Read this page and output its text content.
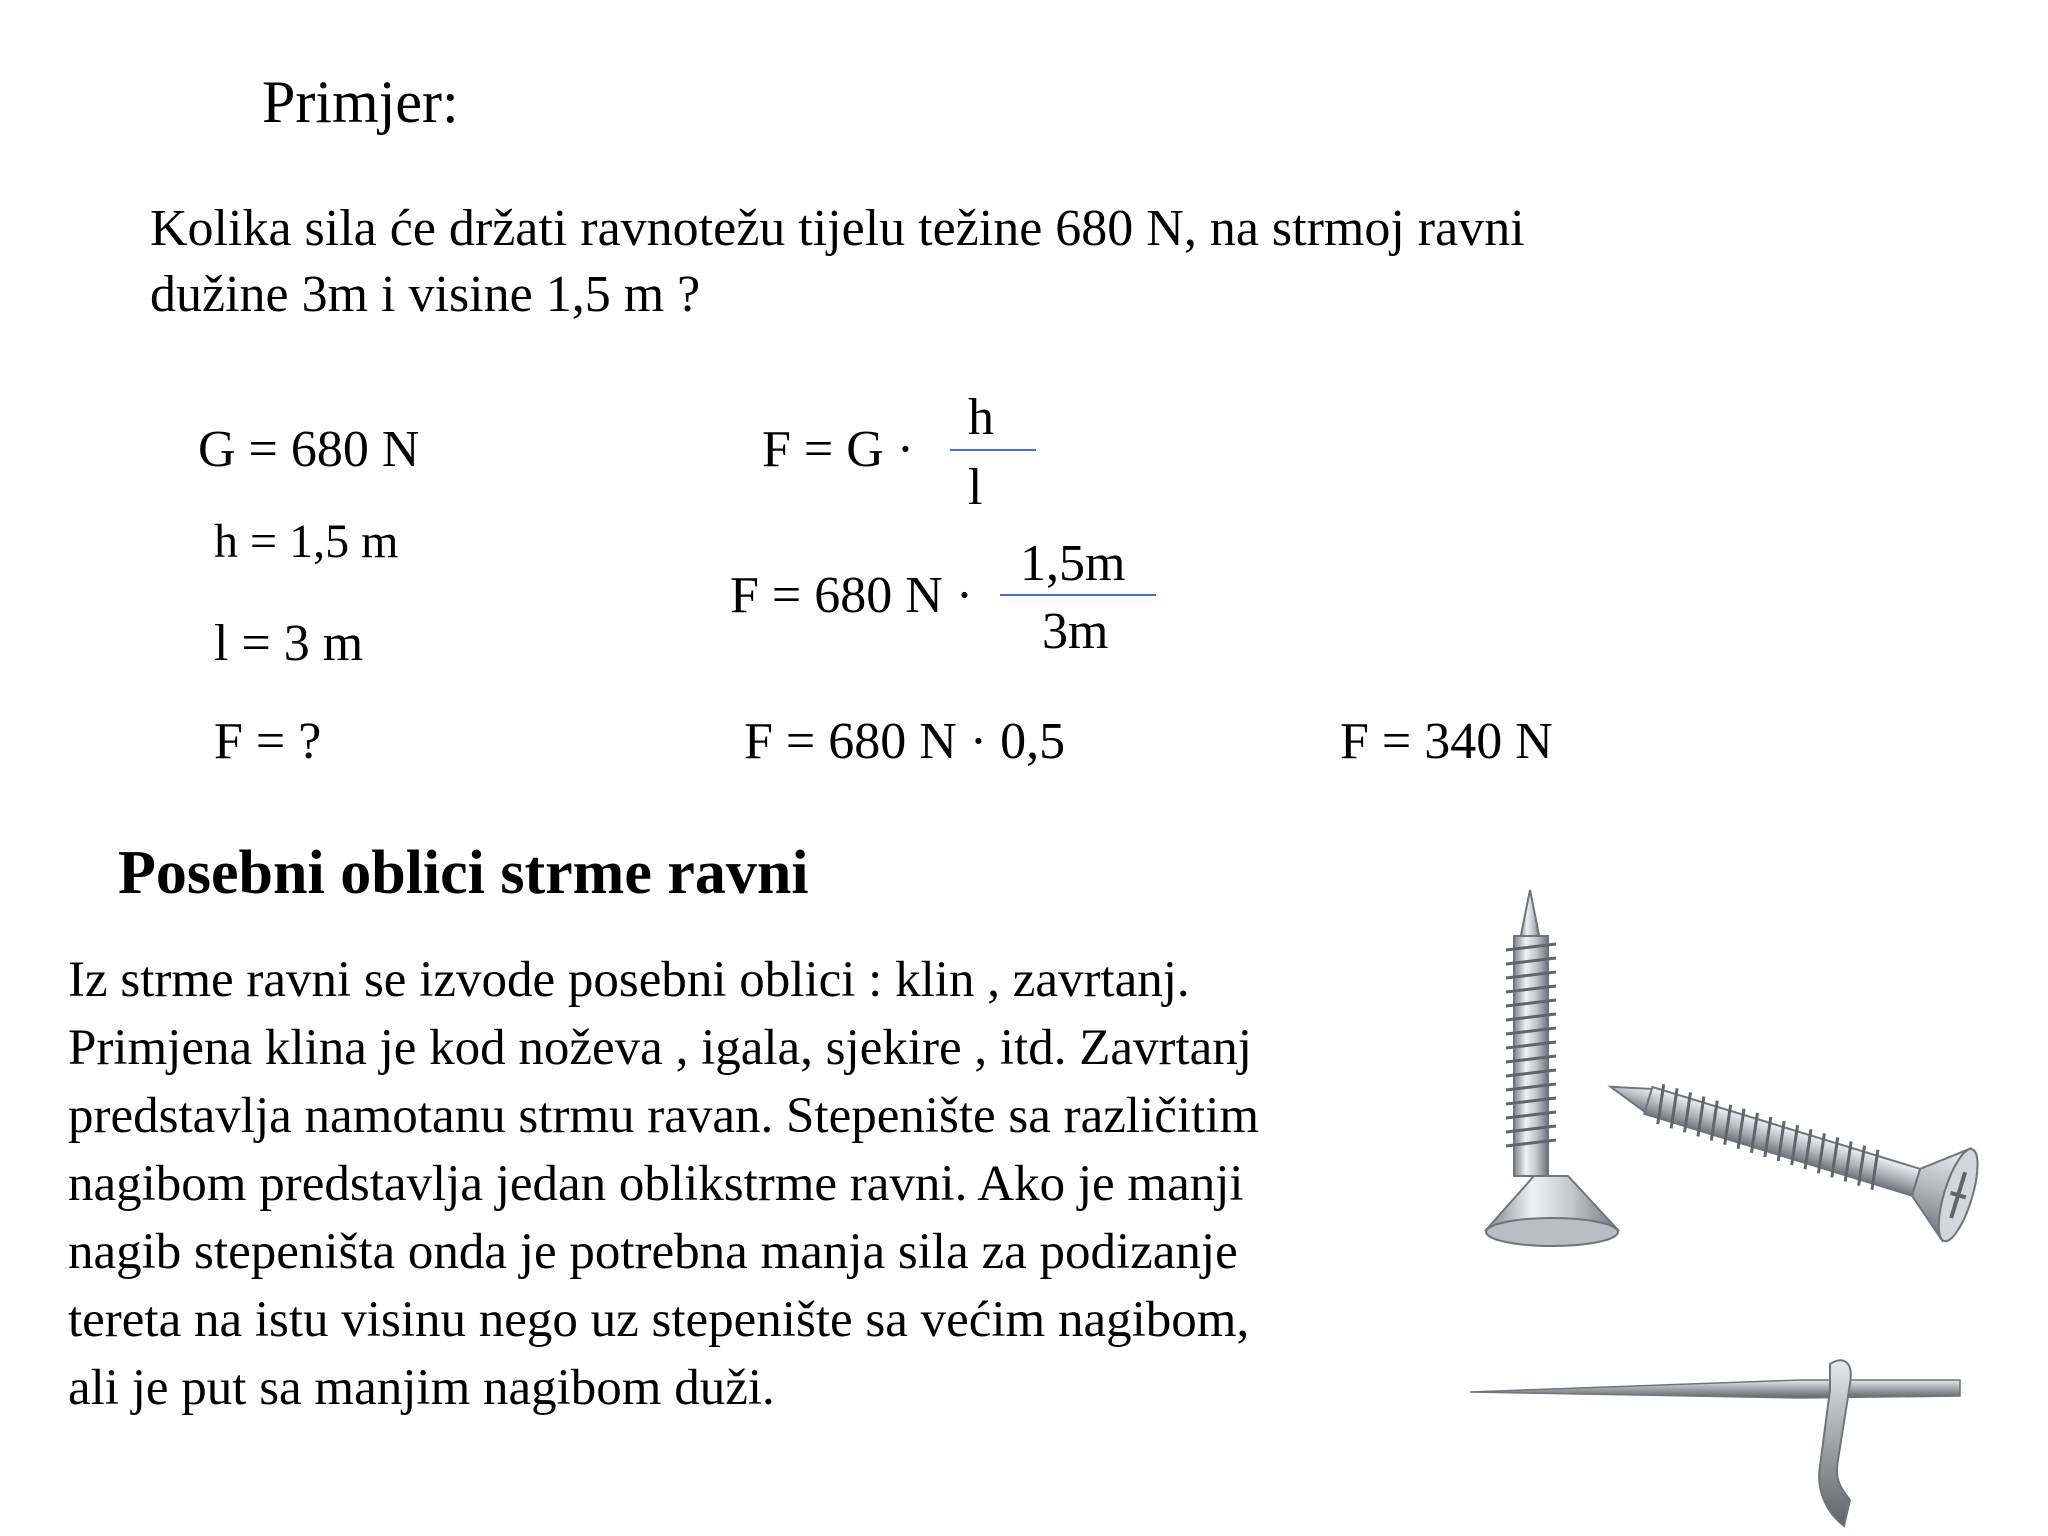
Primjer:
Kolika sila će držati ravnotežu tijelu težine 680 N, na strmoj ravni
dužine 3m i visine 1,5 m ?
G = 680 N
h = 1,5 m
l = 3 m
F = ?
F = G ·
h
l
F = 680 N ·
1,5m
3m
F = 680 N · 0,5	F = 340 N
Posebni oblici strme ravni

Iz strme ravni se izvode posebni oblici : klin , zavrtanj.

Primjena klina je kod noževa , igala, sjekire , itd. Zavrtanj

predstavlja namotanu strmu ravan. Stepenište sa različitim

nagibom predstavlja jedan oblikstrme ravni. Ako je manji

nagib stepeništa onda je potrebna manja sila za podizanje

tereta na istu visinu nego uz stepenište sa većim nagibom,

ali je put sa manjim nagibom duži.
